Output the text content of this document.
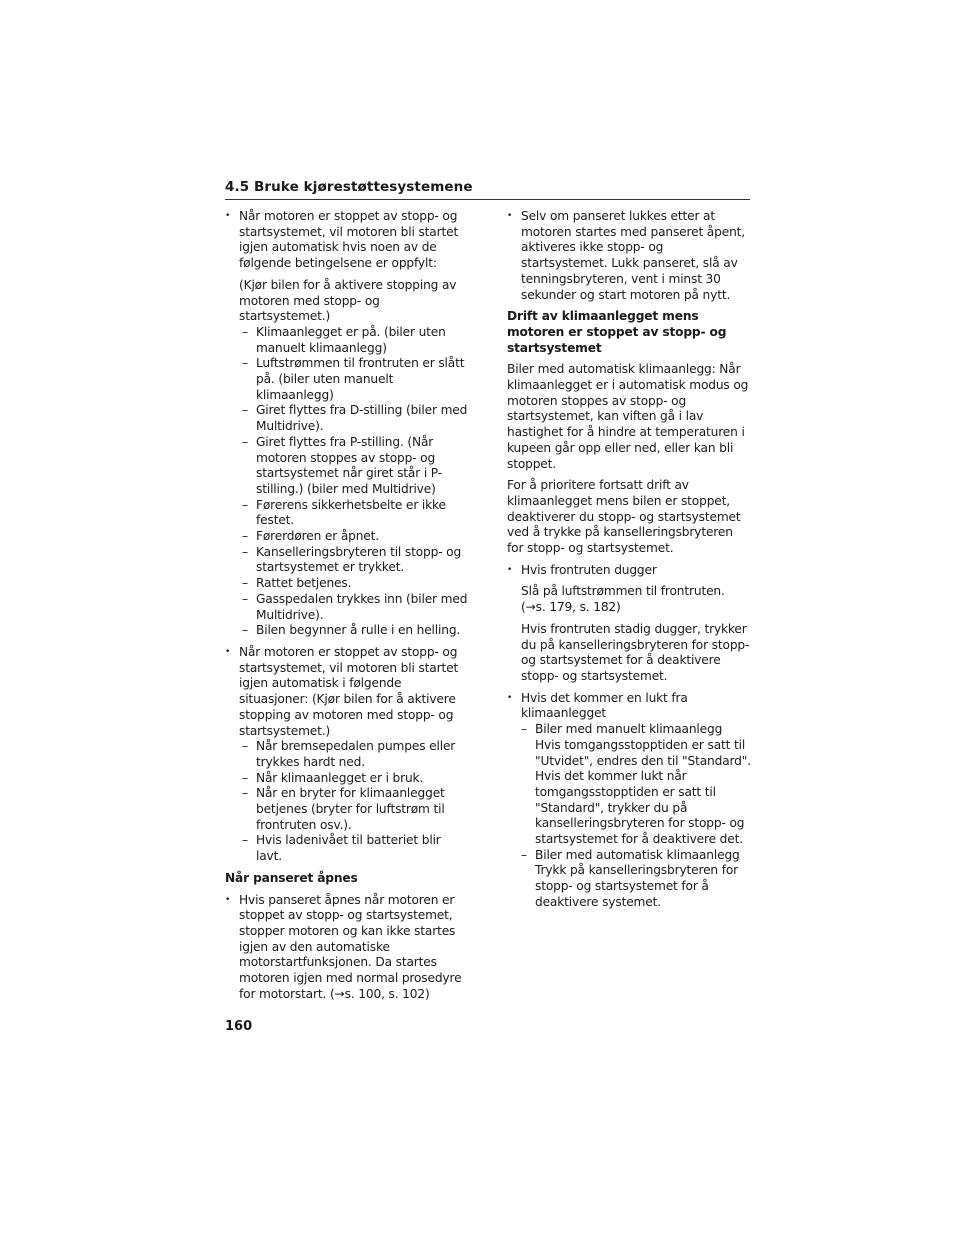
4.5 Bruke kjørestøttesystemene
• Når motoren er stoppet av stopp- og startsystemet, vil motoren bli startet igjen automatisk hvis noen av de følgende betingelsene er oppfylt:

(Kjør bilen for å aktivere stopping av motoren med stopp- og startsystemet.)

– Klimaanlegget er på. (biler uten manuelt klimaanlegg)

– Luftstrømmen til frontruten er slått på. (biler uten manuelt klimaanlegg)

– Giret flyttes fra D-stilling (biler med Multidrive).

– Giret flyttes fra P-stilling. (Når motoren stoppes av stopp- og startsystemet når giret står i P-stilling.) (biler med Multidrive)

– Førerens sikkerhetsbelte er ikke festet.

– Førerdøren er åpnet.

– Kanselleringsbryteren til stopp- og startsystemet er trykket.

– Rattet betjenes.

– Gasspedalen trykkes inn (biler med Multidrive).

– Bilen begynner å rulle i en helling.

• Når motoren er stoppet av stopp- og startsystemet, vil motoren bli startet igjen automatisk i følgende situasjoner: (Kjør bilen for å aktivere stopping av motoren med stopp- og startsystemet.)

– Når bremsepedalen pumpes eller trykkes hardt ned.

– Når klimaanlegget er i bruk.

– Når en bryter for klimaanlegget betjenes (bryter for luftstrøm til frontruten osv.).

– Hvis ladenivået til batteriet blir lavt.

Når panseret åpnes

• Hvis panseret åpnes når motoren er stoppet av stopp- og startsystemet, stopper motoren og kan ikke startes igjen av den automatiske motorstartfunksjonen. Da startes motoren igjen med normal prosedyre for motorstart. (→s. 100, s. 102)
• Selv om panseret lukkes etter at motoren startes med panseret åpent, aktiveres ikke stopp- og startsystemet. Lukk panseret, slå av tenningsbryteren, vent i minst 30 sekunder og start motoren på nytt.

Drift av klimaanlegget mens motoren er stoppet av stopp- og startsystemet

Biler med automatisk klimaanlegg: Når klimaanlegget er i automatisk modus og motoren stoppes av stopp- og startsystemet, kan viften gå i lav hastighet for å hindre at temperaturen i kupeen går opp eller ned, eller kan bli stoppet.

For å prioritere fortsatt drift av klimaanlegget mens bilen er stoppet, deaktiverer du stopp- og startsystemet ved å trykke på kanselleringsbryteren for stopp- og startsystemet.

• Hvis frontruten dugger

Slå på luftstrømmen til frontruten. (→s. 179, s. 182)

Hvis frontruten stadig dugger, trykker du på kanselleringsbryteren for stopp- og startsystemet for å deaktivere stopp- og startsystemet.

• Hvis det kommer en lukt fra klimaanlegget

– Biler med manuelt klimaanlegg

Hvis tomgangsstopptiden er satt til "Utvidet", endres den til "Standard". Hvis det kommer lukt når tomgangsstopptiden er satt til "Standard", trykker du på kanselleringsbryteren for stopp- og startsystemet for å deaktivere det.

– Biler med automatisk klimaanlegg

Trykk på kanselleringsbryteren for stopp- og startsystemet for å deaktivere systemet.

160
